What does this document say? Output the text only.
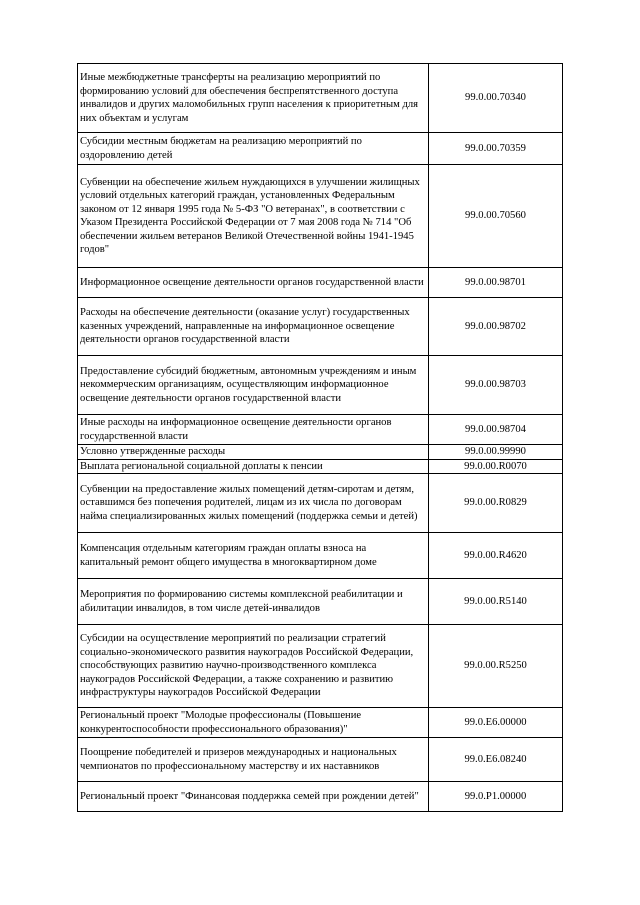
Иные межбюджетные трансферты на реализацию мероприятий по формированию условий для обеспечения беспрепятственного доступа инвалидов и других маломобильных групп населения к приоритетным для них объектам и услугам	99.0.00.70340
Субсидии местным бюджетам на реализацию мероприятий по оздоровлению детей	99.0.00.70359
Субвенции на обеспечение жильем нуждающихся в улучшении жилищных условий отдельных категорий граждан, установленных Федеральным законом от 12 января 1995 года № 5-ФЗ "О ветеранах", в соответствии с Указом Президента Российской Федерации от 7 мая 2008 года № 714 "Об обеспечении жильем ветеранов Великой Отечественной войны 1941-1945 годов"	99.0.00.70560
Информационное освещение деятельности органов государственной власти	99.0.00.98701
Расходы на обеспечение деятельности (оказание услуг) государственных казенных учреждений, направленные на информационное освещение деятельности органов государственной власти	99.0.00.98702
Предоставление субсидий бюджетным, автономным учреждениям и иным некоммерческим организациям, осуществляющим информационное освещение деятельности органов государственной власти	99.0.00.98703
Иные расходы на информационное освещение деятельности органов государственной власти	99.0.00.98704
Условно утвержденные расходы	99.0.00.99990
Выплата региональной социальной доплаты к пенсии	99.0.00.R0070
Субвенции на предоставление жилых помещений детям-сиротам и детям, оставшимся без попечения родителей, лицам из их числа по договорам найма специализированных жилых помещений (поддержка семьи и детей)	99.0.00.R0829
Компенсация отдельным категориям граждан оплаты взноса на капитальный ремонт общего имущества в многоквартирном доме	99.0.00.R4620
Мероприятия по формированию системы комплексной реабилитации и абилитации инвалидов, в том числе детей-инвалидов	99.0.00.R5140
Субсидии на осуществление мероприятий по реализации стратегий социально-экономического развития наукоградов Российской Федерации, способствующих развитию научно-производственного комплекса наукоградов Российской Федерации, а также сохранению и развитию инфраструктуры наукоградов Российской Федерации	99.0.00.R5250
Региональный проект "Молодые профессионалы (Повышение конкурентоспособности профессионального образования)"	99.0.E6.00000
Поощрение победителей и призеров международных и национальных чемпионатов по профессиональному мастерству и их наставников	99.0.E6.08240
Региональный проект "Финансовая поддержка семей при рождении детей"	99.0.P1.00000
